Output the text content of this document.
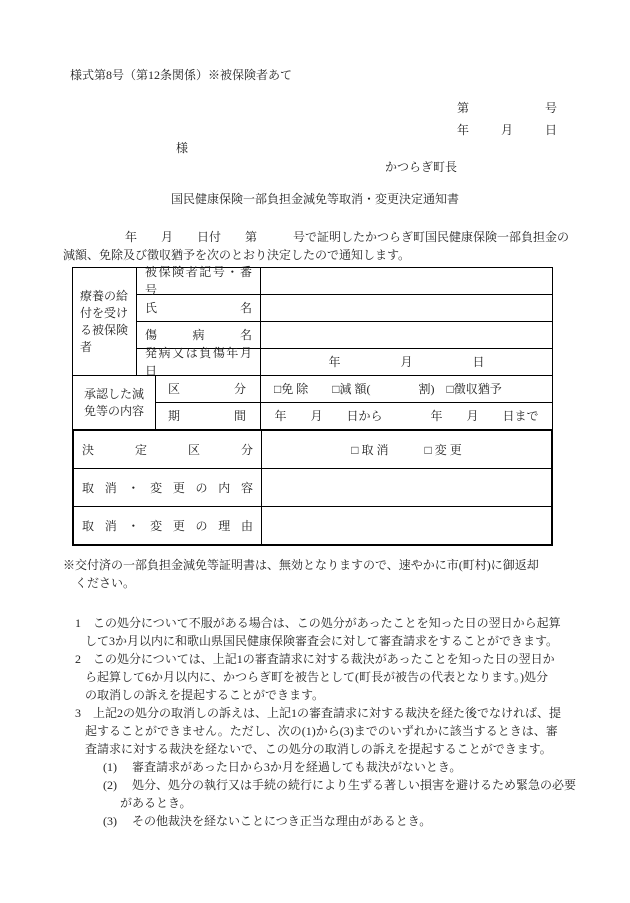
様式第8号（第12条関係）※被保険者あて
第	号
年	月	日
様
かつらぎ町長
国民健康保険一部負担金減免等取消・変更決定通知書
年　　月　　日付　　第　　　号で証明したかつらぎ町国民健康保険一部負担金の
減額、免除及び徴収猶予を次のとおり決定したので通知します。
療養の給付を受ける被保険者
被保険者記号・番号
氏名
傷病名
発病又は負傷年月日
年　　　　　月　　　　　日
承認した減免等の内容
区分	□免 除　　□減 額(　　　　割)　□徴収猶予
期間	年　　月　　日から　　　　年　　月　　日まで
決定区分	□ 取 消　　　□ 変 更
取消・変更の内容
取消・変更の理由
※交付済の一部負担金減免等証明書は、無効となりますので、速やかに市(町村)に御返却
ください。
1　この処分について不服がある場合は、この処分があったことを知った日の翌日から起算
して3か月以内に和歌山県国民健康保険審査会に対して審査請求をすることができます。
2　この処分については、上記1の審査請求に対する裁決があったことを知った日の翌日か
ら起算して6か月以内に、かつらぎ町を被告として(町長が被告の代表となります。)処分
の取消しの訴えを提起することができます。
3　上記2の処分の取消しの訴えは、上記1の審査請求に対する裁決を経た後でなければ、提
起することができません。ただし、次の(1)から(3)までのいずれかに該当するときは、審
査請求に対する裁決を経ないで、この処分の取消しの訴えを提起することができます。
(1)　 審査請求があった日から3か月を経過しても裁決がないとき。
(2)　 処分、処分の執行又は手続の続行により生ずる著しい損害を避けるため緊急の必要
があるとき。
(3)　 その他裁決を経ないことにつき正当な理由があるとき。
